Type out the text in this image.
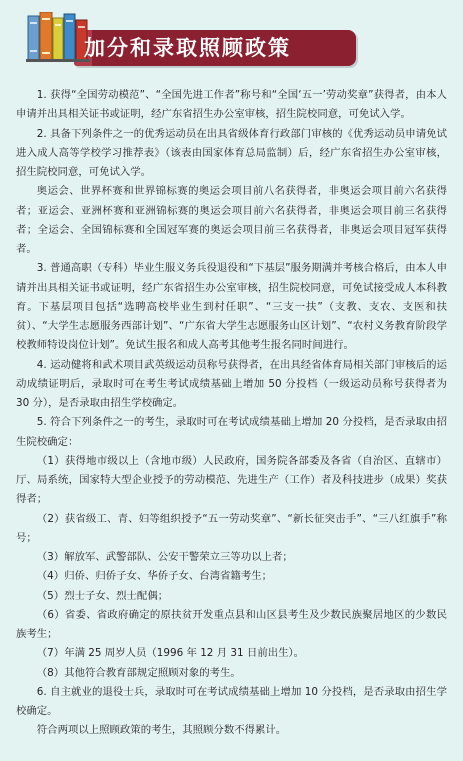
加分和录取照顾政策

1. 获得“全国劳动模范”、“全国先进工作者”称号和“全国‘五一’劳动奖章”获得者，由本人申请并出具相关证书或证明，经广东省招生办公室审核，招生院校同意，可免试入学。

2. 具备下列条件之一的优秀运动员在出具省级体育行政部门审核的《优秀运动员申请免试进入成人高等学校学习推荐表》（该表由国家体育总局监制）后，经广东省招生办公室审核，招生院校同意，可免试入学。

奥运会、世界杯赛和世界锦标赛的奥运会项目前八名获得者，非奥运会项目前六名获得者；亚运会、亚洲杯赛和亚洲锦标赛的奥运会项目前六名获得者，非奥运会项目前三名获得者；全运会、全国锦标赛和全国冠军赛的奥运会项目前三名获得者，非奥运会项目冠军获得者。

3. 普通高职（专科）毕业生服义务兵役退役和“下基层”服务期满并考核合格后，由本人申请并出具相关证书或证明，经广东省招生办公室审核，招生院校同意，可免试接受成人本科教育。下基层项目包括“选聘高校毕业生到村任职”、“三支一扶”（支教、支农、支医和扶贫）、“大学生志愿服务西部计划”、“广东省大学生志愿服务山区计划”、“农村义务教育阶段学校教师特设岗位计划”。免试生报名和成人高考其他考生报名同时间进行。

4. 运动健将和武术项目武英级运动员称号获得者，在出具经省体育局相关部门审核后的运动成绩证明后，录取时可在考生考试成绩基础上增加 50 分投档（一级运动员称号获得者为 30 分），是否录取由招生学校确定。

5. 符合下列条件之一的考生，录取时可在考试成绩基础上增加 20 分投档，是否录取由招生院校确定：

（1）获得地市级以上（含地市级）人民政府，国务院各部委及各省（自治区、直辖市）厅、局系统，国家特大型企业授予的劳动模范、先进生产（工作）者及科技进步（成果）奖获得者；

（2）获省级工、青、妇等组织授予“五一劳动奖章”、“新长征突击手”、“三八红旗手”称号；

（3）解放军、武警部队、公安干警荣立三等功以上者；

（4）归侨、归侨子女、华侨子女、台湾省籍考生；

（5）烈士子女、烈士配偶；

（6）省委、省政府确定的原扶贫开发重点县和山区县考生及少数民族聚居地区的少数民族考生；

（7）年满 25 周岁人员（1996 年 12 月 31 日前出生）。

（8）其他符合教育部规定照顾对象的考生。

6. 自主就业的退役士兵，录取时可在考试成绩基础上增加 10 分投档，是否录取由招生学校确定。

符合两项以上照顾政策的考生，其照顾分数不得累计。
